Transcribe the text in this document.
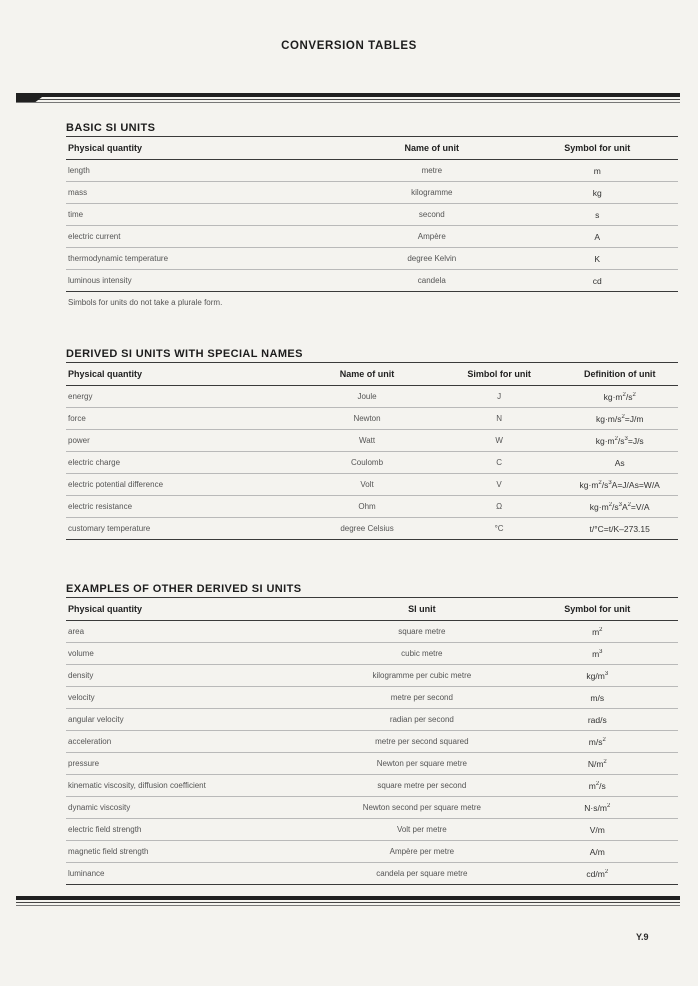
CONVERSION TABLES
BASIC SI UNITS
Physical quantity	Name of unit	Symbol for unit
length	metre	m
mass	kilogramme	kg
time	second	s
electric current	Ampère	A
thermodynamic temperature	degree Kelvin	K
luminous intensity	candela	cd
Simbols for units do not take a plurale form.
DERIVED SI UNITS WITH SPECIAL NAMES
Physical quantity	Name of unit	Simbol for unit	Definition of unit
energy	Joule	J	$kg\cdot m^2/s^2$
force	Newton	N	$kg\cdot m/s^2=J/m$
power	Watt	W	$kg\cdot m^2/s^3=J/s$
electric charge	Coulomb	C	As
electric potential difference	Volt	V	$kg\cdot m^2/s^3A=J/As=W/A$
electric resistance	Ohm	Ω	$kg\cdot m^2/s^3A^2=V/A$
customary temperature	degree Celsius	°C	t/°C=t/K–273.15
EXAMPLES OF OTHER DERIVED SI UNITS
Physical quantity	SI unit	Symbol for unit
area	square metre	$m^2$
volume	cubic metre	$m^3$
density	kilogramme per cubic metre	$kg/m^3$
velocity	metre per second	m/s
angular velocity	radian per second	rad/s
acceleration	metre per second squared	$m/s^2$
pressure	Newton per square metre	$N/m^2$
kinematic viscosity, diffusion coefficient	square metre per second	$m^2/s$
dynamic viscosity	Newton second per square metre	$N\cdot s/m^2$
electric field strength	Volt per metre	V/m
magnetic field strength	Ampère per metre	A/m
luminance	candela per square metre	$cd/m^2$
Y.9
